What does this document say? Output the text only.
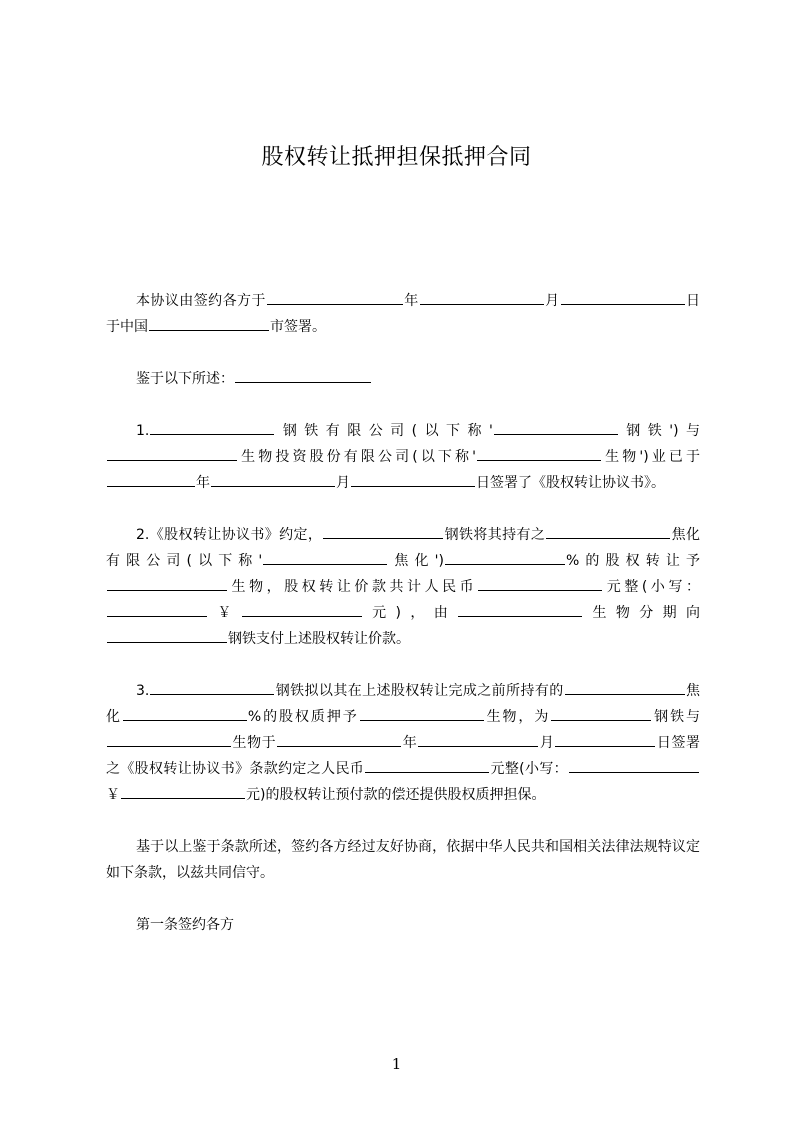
股权转让抵押担保抵押合同

本协议由签约各方于	年	月	日于中国	市签署。

鉴于以下所述：

1.	钢铁有限公司(以下称'	钢铁')与生物投资股份有限公司(以下称'	生物')业已于年	月	日签署了《股权转让协议书》。

2.《股权转让协议书》约定，	钢铁将其持有之	焦化有限公司(以下称'	焦化')	%的股权转让予生物，股权转让价款共计人民币	元整(小写：￥	元)，由	生物分期向钢铁支付上述股权转让价款。

3.	钢铁拟以其在上述股权转让完成之前所持有的	焦化	%的股权质押予	生物，为	钢铁与生物于	年	月	日签署之《股权转让协议书》条款约定之人民币	元整(小写：￥	元)的股权转让预付款的偿还提供股权质押担保。

基于以上鉴于条款所述，签约各方经过友好协商，依据中华人民共和国相关法律法规特议定如下条款，以兹共同信守。

第一条签约各方

1
